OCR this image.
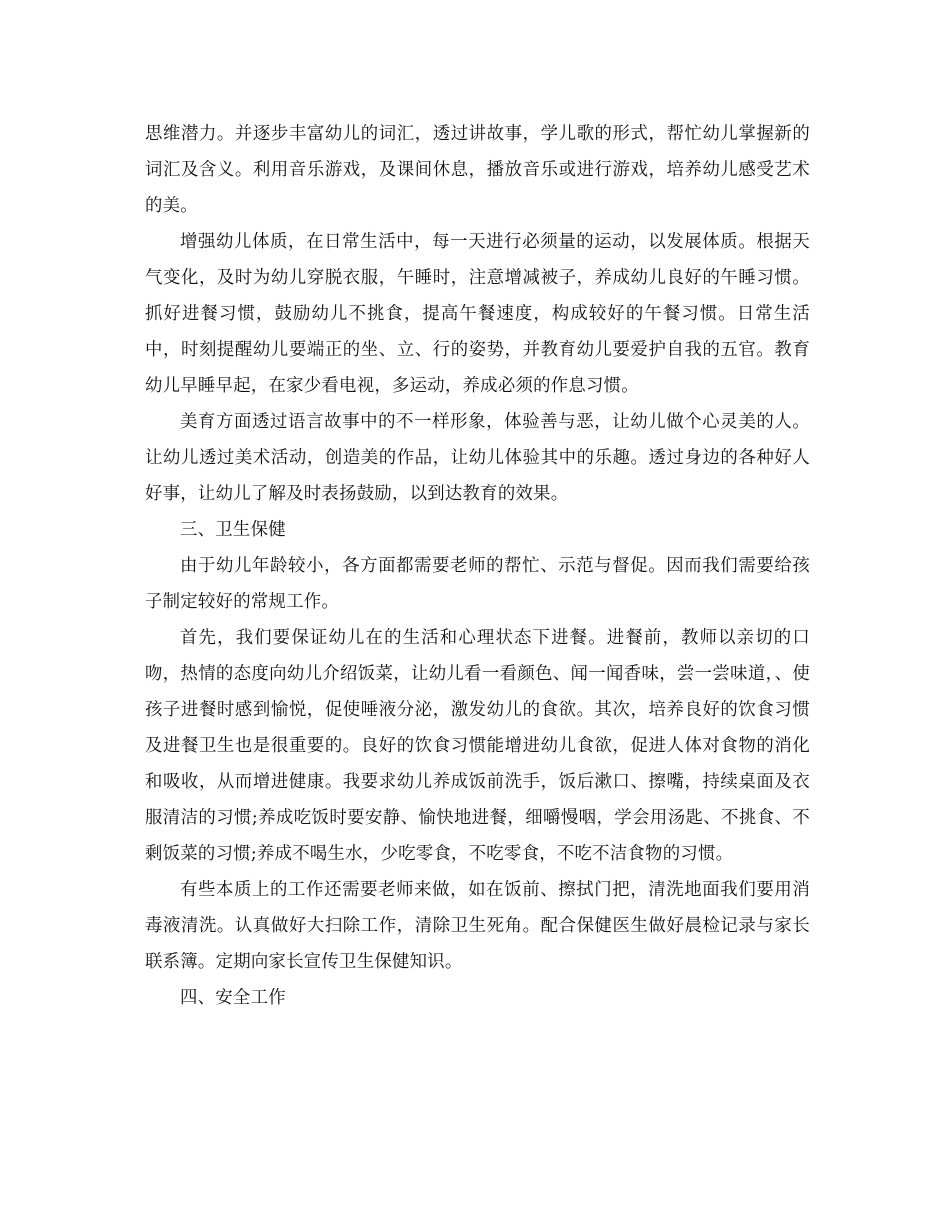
思维潜力。并逐步丰富幼儿的词汇，透过讲故事，学儿歌的形式，帮忙幼儿掌握新的词汇及含义。利用音乐游戏，及课间休息，播放音乐或进行游戏，培养幼儿感受艺术的美。

增强幼儿体质，在日常生活中，每一天进行必须量的运动，以发展体质。根据天气变化，及时为幼儿穿脱衣服，午睡时，注意增减被子，养成幼儿良好的午睡习惯。抓好进餐习惯，鼓励幼儿不挑食，提高午餐速度，构成较好的午餐习惯。日常生活中，时刻提醒幼儿要端正的坐、立、行的姿势，并教育幼儿要爱护自我的五官。教育幼儿早睡早起，在家少看电视，多运动，养成必须的作息习惯。

美育方面透过语言故事中的不一样形象，体验善与恶，让幼儿做个心灵美的人。让幼儿透过美术活动，创造美的作品，让幼儿体验其中的乐趣。透过身边的各种好人好事，让幼儿了解及时表扬鼓励，以到达教育的效果。

三、卫生保健

由于幼儿年龄较小，各方面都需要老师的帮忙、示范与督促。因而我们需要给孩子制定较好的常规工作。

首先，我们要保证幼儿在的生活和心理状态下进餐。进餐前，教师以亲切的口吻，热情的态度向幼儿介绍饭菜，让幼儿看一看颜色、闻一闻香味，尝一尝味道，、使孩子进餐时感到愉悦，促使唾液分泌，激发幼儿的食欲。其次，培养良好的饮食习惯及进餐卫生也是很重要的。良好的饮食习惯能增进幼儿食欲，促进人体对食物的消化和吸收，从而增进健康。我要求幼儿养成饭前洗手，饭后漱口、擦嘴，持续桌面及衣服清洁的习惯;养成吃饭时要安静、愉快地进餐，细嚼慢咽，学会用汤匙、不挑食、不剩饭菜的习惯;养成不喝生水，少吃零食，不吃零食，不吃不洁食物的习惯。

有些本质上的工作还需要老师来做，如在饭前、擦拭门把，清洗地面我们要用消毒液清洗。认真做好大扫除工作，清除卫生死角。配合保健医生做好晨检记录与家长联系簿。定期向家长宣传卫生保健知识。

四、安全工作
